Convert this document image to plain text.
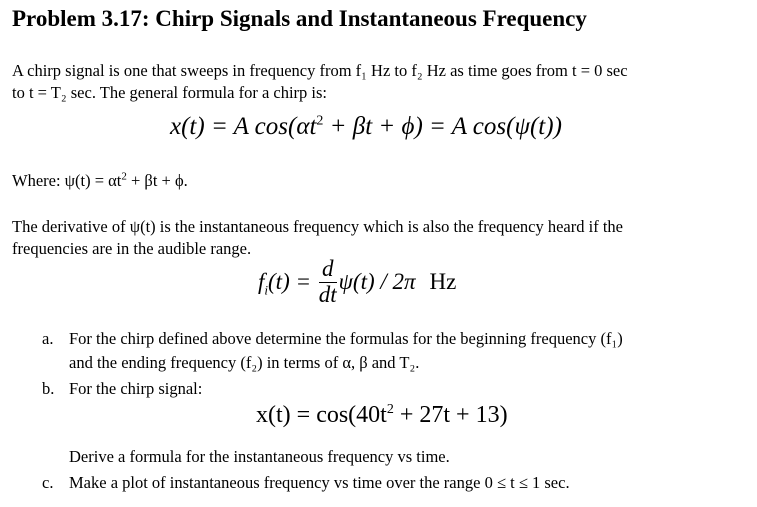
Problem 3.17: Chirp Signals and Instantaneous Frequency
A chirp signal is one that sweeps in frequency from f₁ Hz to f₂ Hz as time goes from t = 0 sec
to t = T₂ sec. The general formula for a chirp is:
x(t) = A $\cos(\alpha t^2 + \beta t + \phi) = A$ cos(ψ(t))
Where: $\psi(t) = \alpha t^2 + \beta t + \phi$.
The derivative of ψ(t) is the instantaneous frequency which is also the frequency heard if the
frequencies are in the audible range.
$f_i(t) = \frac{d}{dt} \psi(t) / 2\pi$ Hz
a. For the chirp defined above determine the formulas for the beginning frequency (f₁)
and the ending frequency (f₂) in terms of α, β and T₂.
b. For the chirp signal:
$x(t) = \cos(40t^2 + 27t + 13)$
Derive a formula for the instantaneous frequency vs time.
c. Make a plot of instantaneous frequency vs time over the range 0 ≤ t ≤ 1 sec.
